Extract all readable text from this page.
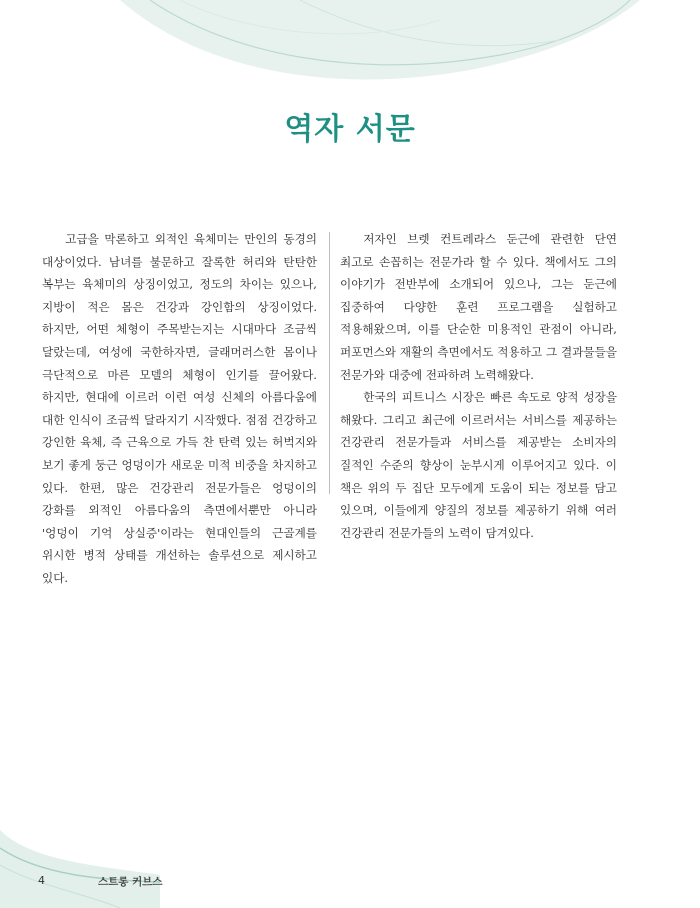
역자 서문

고급을 막론하고 외적인 육체미는 만인의 동경의 대상이었다. 남녀를 불문하고 잘록한 허리와 탄탄한 복부는 육체미의 상징이었고, 정도의 차이는 있으나, 지방이 적은 몸은 건강과 강인함의 상징이었다. 하지만, 어떤 체형이 주목받는지는 시대마다 조금씩 달랐는데, 여성에 국한하자면, 글래머러스한 몸이나 극단적으로 마른 모델의 체형이 인기를 끌어왔다. 하지만, 현대에 이르러 이런 여성 신체의 아름다움에 대한 인식이 조금씩 달라지기 시작했다. 점점 건강하고 강인한 육체, 즉 근육으로 가득 찬 탄력 있는 허벅지와 보기 좋게 둥근 엉덩이가 새로운 미적 비중을 차지하고 있다. 한편, 많은 건강관리 전문가들은 엉덩이의 강화를 외적인 아름다움의 측면에서뿐만 아니라 '엉덩이 기억 상실증'이라는 현대인들의 근골계를 위시한 병적 상태를 개선하는 솔루션으로 제시하고 있다.

저자인 브렛 컨트레라스 둔근에 관련한 단연 최고로 손꼽히는 전문가라 할 수 있다. 책에서도 그의 이야기가 전반부에 소개되어 있으나, 그는 둔근에 집중하여 다양한 훈련 프로그램을 실험하고 적용해왔으며, 이를 단순한 미용적인 관점이 아니라, 퍼포먼스와 재활의 측면에서도 적용하고 그 결과물들을 전문가와 대중에 전파하려 노력해왔다.

한국의 피트니스 시장은 빠른 속도로 양적 성장을 해왔다. 그리고 최근에 이르러서는 서비스를 제공하는 건강관리 전문가들과 서비스를 제공받는 소비자의 질적인 수준의 향상이 눈부시게 이루어지고 있다. 이 책은 위의 두 집단 모두에게 도움이 되는 정보를 담고 있으며, 이들에게 양질의 정보를 제공하기 위해 여러 건강관리 전문가들의 노력이 담겨있다.

4	스트롱 커브스
